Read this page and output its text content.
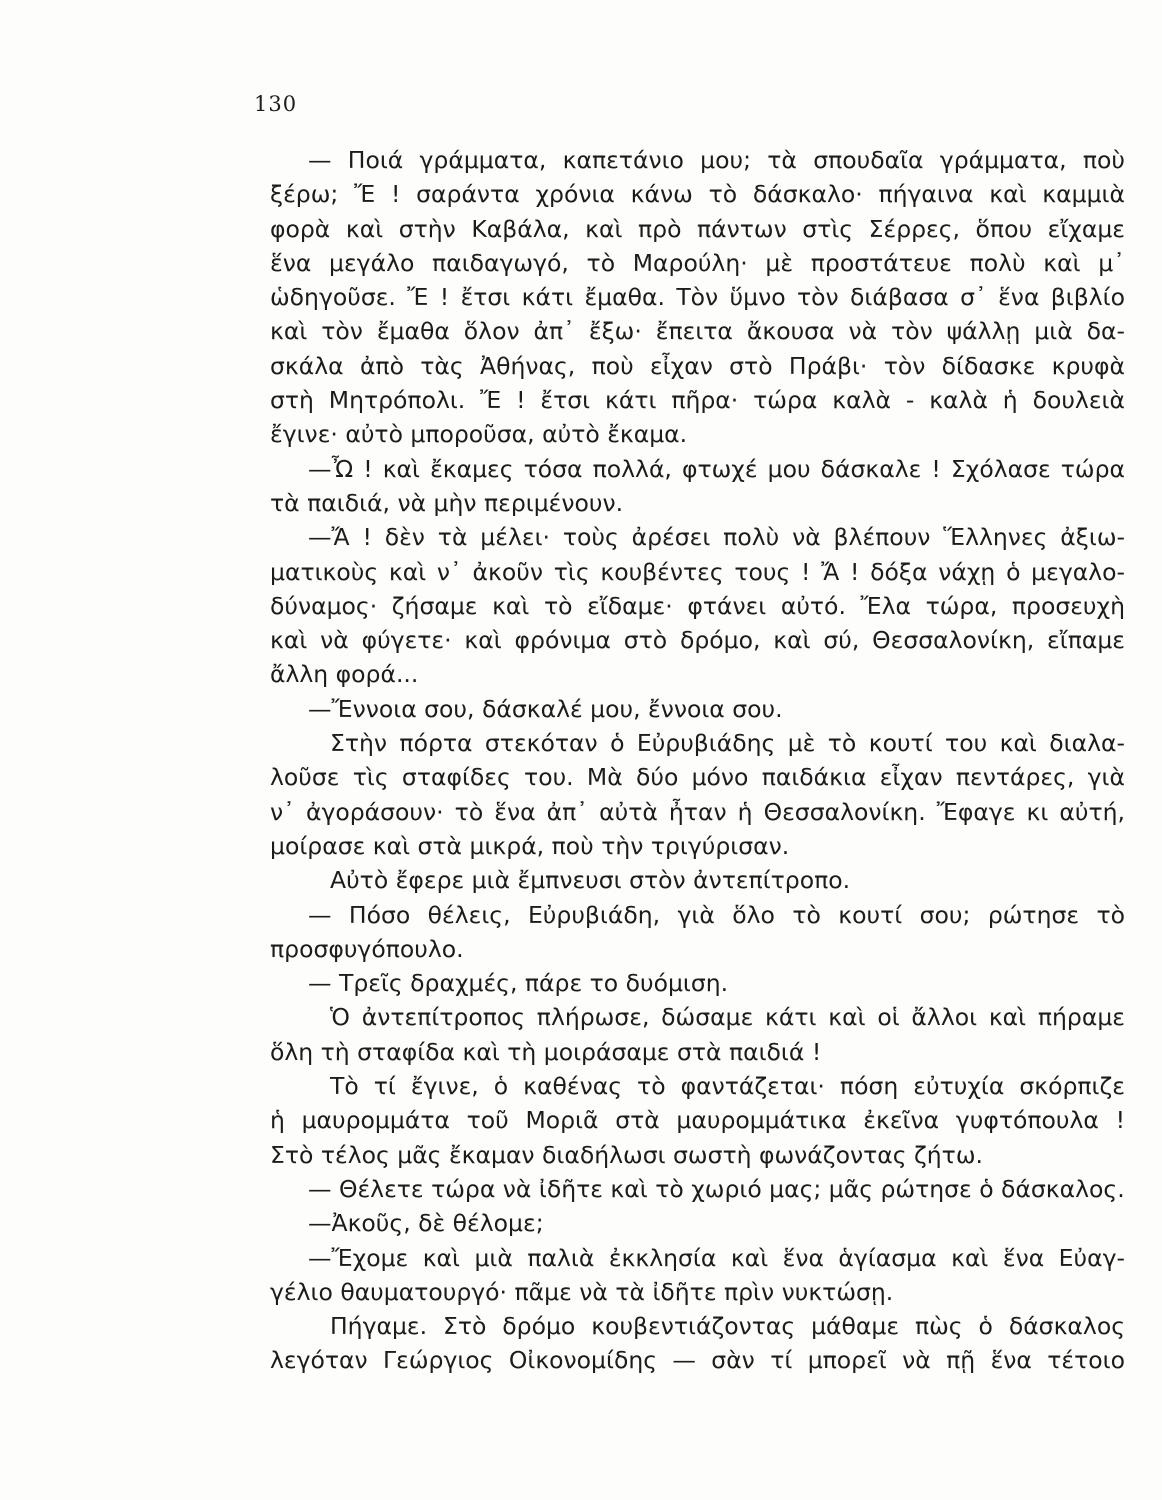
130
— Ποιά γράμματα, καπετάνιο μου; τὰ σπουδαῖα γράμματα, ποὺ
ξέρω; Ἔ ! σαράντα χρόνια κάνω τὸ δάσκαλο· πήγαινα καὶ καμμιὰ
φορὰ καὶ στὴν Καβάλα, καὶ πρὸ πάντων στὶς Σέρρες, ὅπου εἴχαμε
ἕνα μεγάλο παιδαγωγό, τὸ Μαρούλη· μὲ προστάτευε πολὺ καὶ μ᾽
ὡδηγοῦσε. Ἔ ! ἔτσι κάτι ἔμαθα. Τὸν ὕμνο τὸν διάβασα σ᾽ ἕνα βιβλίο
καὶ τὸν ἔμαθα ὅλον ἀπ᾽ ἔξω· ἔπειτα ἄκουσα νὰ τὸν ψάλλῃ μιὰ δα-
σκάλα ἀπὸ τὰς Ἀθήνας, ποὺ εἶχαν στὸ Πράβι· τὸν δίδασκε κρυφὰ
στὴ Μητρόπολι. Ἔ ! ἔτσι κάτι πῆρα· τώρα καλὰ - καλὰ ἡ δουλειὰ
ἔγινε· αὐτὸ μποροῦσα, αὐτὸ ἔκαμα.
—Ὦ ! καὶ ἔκαμες τόσα πολλά, φτωχέ μου δάσκαλε ! Σχόλασε τώρα
τὰ παιδιά, νὰ μὴν περιμένουν.
—Ἄ ! δὲν τὰ μέλει· τοὺς ἀρέσει πολὺ νὰ βλέπουν Ἕλληνες ἀξιω-
ματικοὺς καὶ ν᾽ ἀκοῦν τὶς κουβέντες τους ! Ἄ ! δόξα νάχῃ ὁ μεγαλο-
δύναμος· ζήσαμε καὶ τὸ εἴδαμε· φτάνει αὐτό. Ἔλα τώρα, προσευχὴ
καὶ νὰ φύγετε· καὶ φρόνιμα στὸ δρόμο, καὶ σύ, Θεσσαλονίκη, εἴπαμε
ἄλλη φορά...
—Ἔννοια σου, δάσκαλέ μου, ἔννοια σου.
Στὴν πόρτα στεκόταν ὁ Εὐρυβιάδης μὲ τὸ κουτί του καὶ διαλα-
λοῦσε τὶς σταφίδες του. Μὰ δύο μόνο παιδάκια εἶχαν πεντάρες, γιὰ
ν᾽ ἀγοράσουν· τὸ ἕνα ἀπ᾽ αὐτὰ ἦταν ἡ Θεσσαλονίκη. Ἔφαγε κι αὐτή,
μοίρασε καὶ στὰ μικρά, ποὺ τὴν τριγύρισαν.
Αὐτὸ ἔφερε μιὰ ἔμπνευσι στὸν ἀντεπίτροπο.
— Πόσο θέλεις, Εὐρυβιάδη, γιὰ ὅλο τὸ κουτί σου; ρώτησε τὸ
προσφυγόπουλο.
— Τρεῖς δραχμές, πάρε το δυόμιση.
Ὁ ἀντεπίτροπος πλήρωσε, δώσαμε κάτι καὶ οἱ ἄλλοι καὶ πήραμε
ὅλη τὴ σταφίδα καὶ τὴ μοιράσαμε στὰ παιδιά !
Τὸ τί ἔγινε, ὁ καθένας τὸ φαντάζεται· πόση εὐτυχία σκόρπιζε
ἡ μαυρομμάτα τοῦ Μοριᾶ στὰ μαυρομμάτικα ἐκεῖνα γυφτόπουλα !
Στὸ τέλος μᾶς ἔκαμαν διαδήλωσι σωστὴ φωνάζοντας ζήτω.
— Θέλετε τώρα νὰ ἰδῆτε καὶ τὸ χωριό μας; μᾶς ρώτησε ὁ δάσκαλος.
—Ἀκοῦς, δὲ θέλομε;
—Ἔχομε καὶ μιὰ παλιὰ ἐκκλησία καὶ ἕνα ἁγίασμα καὶ ἕνα Εὐαγ-
γέλιο θαυματουργό· πᾶμε νὰ τὰ ἰδῆτε πρὶν νυκτώσῃ.
Πήγαμε. Στὸ δρόμο κουβεντιάζοντας μάθαμε πὼς ὁ δάσκαλος
λεγόταν Γεώργιος Οἰκονομίδης — σὰν τί μπορεῖ νὰ πῇ ἕνα τέτοιο
